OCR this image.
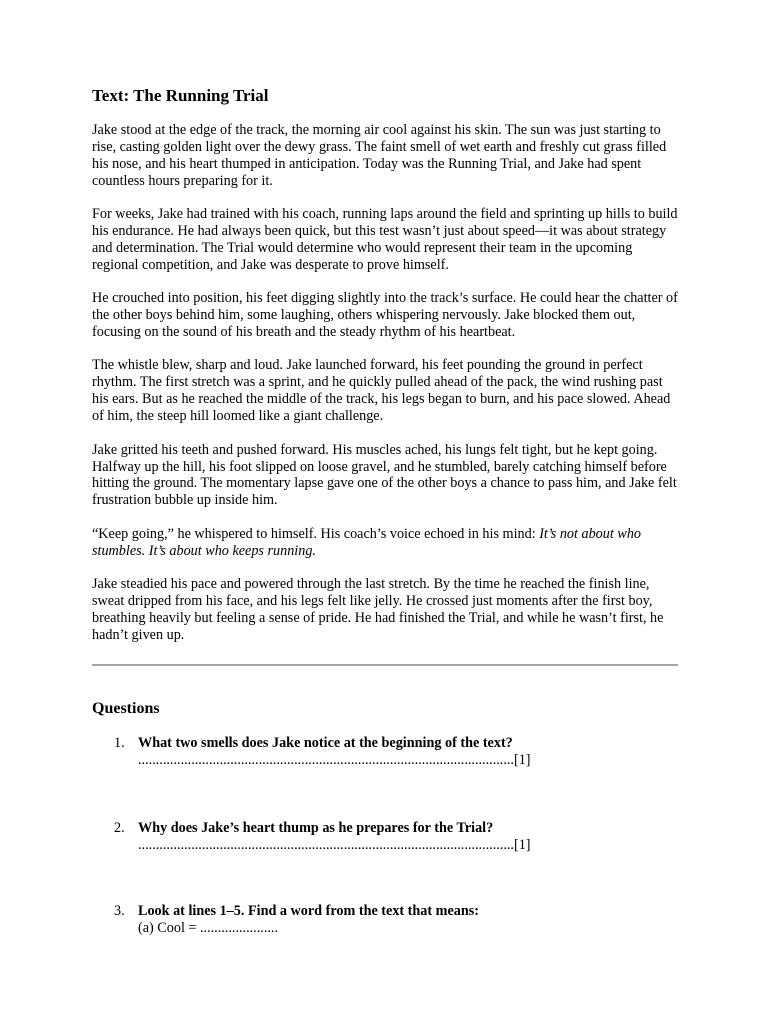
Text: The Running Trial

Jake stood at the edge of the track, the morning air cool against his skin. The sun was just starting to rise, casting golden light over the dewy grass. The faint smell of wet earth and freshly cut grass filled his nose, and his heart thumped in anticipation. Today was the Running Trial, and Jake had spent countless hours preparing for it.

For weeks, Jake had trained with his coach, running laps around the field and sprinting up hills to build his endurance. He had always been quick, but this test wasn’t just about speed—it was about strategy and determination. The Trial would determine who would represent their team in the upcoming regional competition, and Jake was desperate to prove himself.

He crouched into position, his feet digging slightly into the track’s surface. He could hear the chatter of the other boys behind him, some laughing, others whispering nervously. Jake blocked them out, focusing on the sound of his breath and the steady rhythm of his heartbeat.

The whistle blew, sharp and loud. Jake launched forward, his feet pounding the ground in perfect rhythm. The first stretch was a sprint, and he quickly pulled ahead of the pack, the wind rushing past his ears. But as he reached the middle of the track, his legs began to burn, and his pace slowed. Ahead of him, the steep hill loomed like a giant challenge.

Jake gritted his teeth and pushed forward. His muscles ached, his lungs felt tight, but he kept going. Halfway up the hill, his foot slipped on loose gravel, and he stumbled, barely catching himself before hitting the ground. The momentary lapse gave one of the other boys a chance to pass him, and Jake felt frustration bubble up inside him.

“Keep going,” he whispered to himself. His coach’s voice echoed in his mind: It’s not about who stumbles. It’s about who keeps running.

Jake steadied his pace and powered through the last stretch. By the time he reached the finish line, sweat dripped from his face, and his legs felt like jelly. He crossed just moments after the first boy, breathing heavily but feeling a sense of pride. He had finished the Trial, and while he wasn’t first, he hadn’t given up.

Questions
1. What two smells does Jake notice at the beginning of the text?
..........................................................................................................[1]
2. Why does Jake’s heart thump as he prepares for the Trial?
..........................................................................................................[1]
3. Look at lines 1–5. Find a word from the text that means:
(a) Cool = ......................
